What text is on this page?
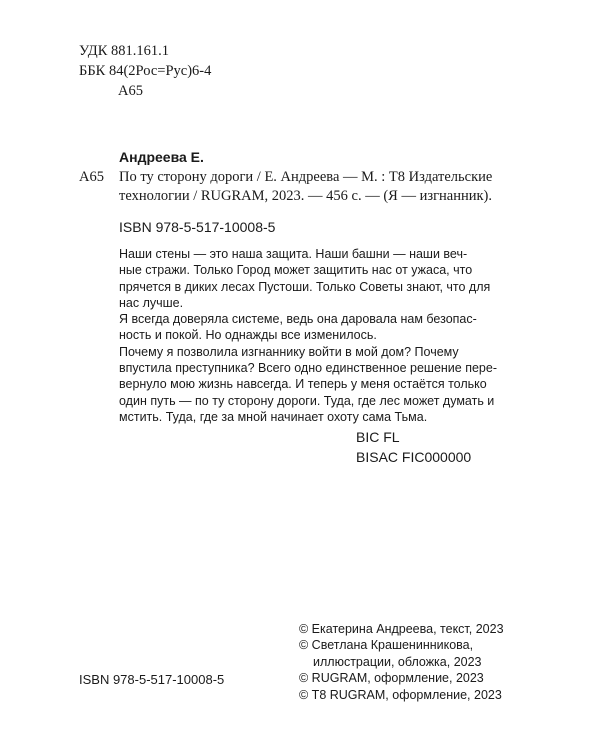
УДК 881.161.1
ББК 84(2Рос=Рус)6-4
А65
Андреева Е.
А65 По ту сторону дороги / Е. Андреева — М. : Т8 Издательские
технологии / RUGRAM, 2023. — 456 с. — (Я — изгнанник).
ISBN 978-5-517-10008-5

Наши стены — это наша защита. Наши башни — наши веч-
ные стражи. Только Город может защитить нас от ужаса, что
прячется в диких лесах Пустоши. Только Советы знают, что для
нас лучше.

Я всегда доверяла системе, ведь она даровала нам безопас-
ность и покой. Но однажды все изменилось.

Почему я позволила изгнаннику войти в мой дом? Почему
впустила преступника? Всего одно единственное решение пере-
вернуло мою жизнь навсегда. И теперь у меня остаётся только
один путь — по ту сторону дороги. Туда, где лес может думать и
мстить. Туда, где за мной начинает охоту сама Тьма.

BIC FL
BISAC FIC000000
© Екатерина Андреева, текст, 2023
© Светлана Крашенинникова,
иллюстрации, обложка, 2023
© RUGRAM, оформление, 2023
© Т8 RUGRAM, оформление, 2023
ISBN 978-5-517-10008-5
